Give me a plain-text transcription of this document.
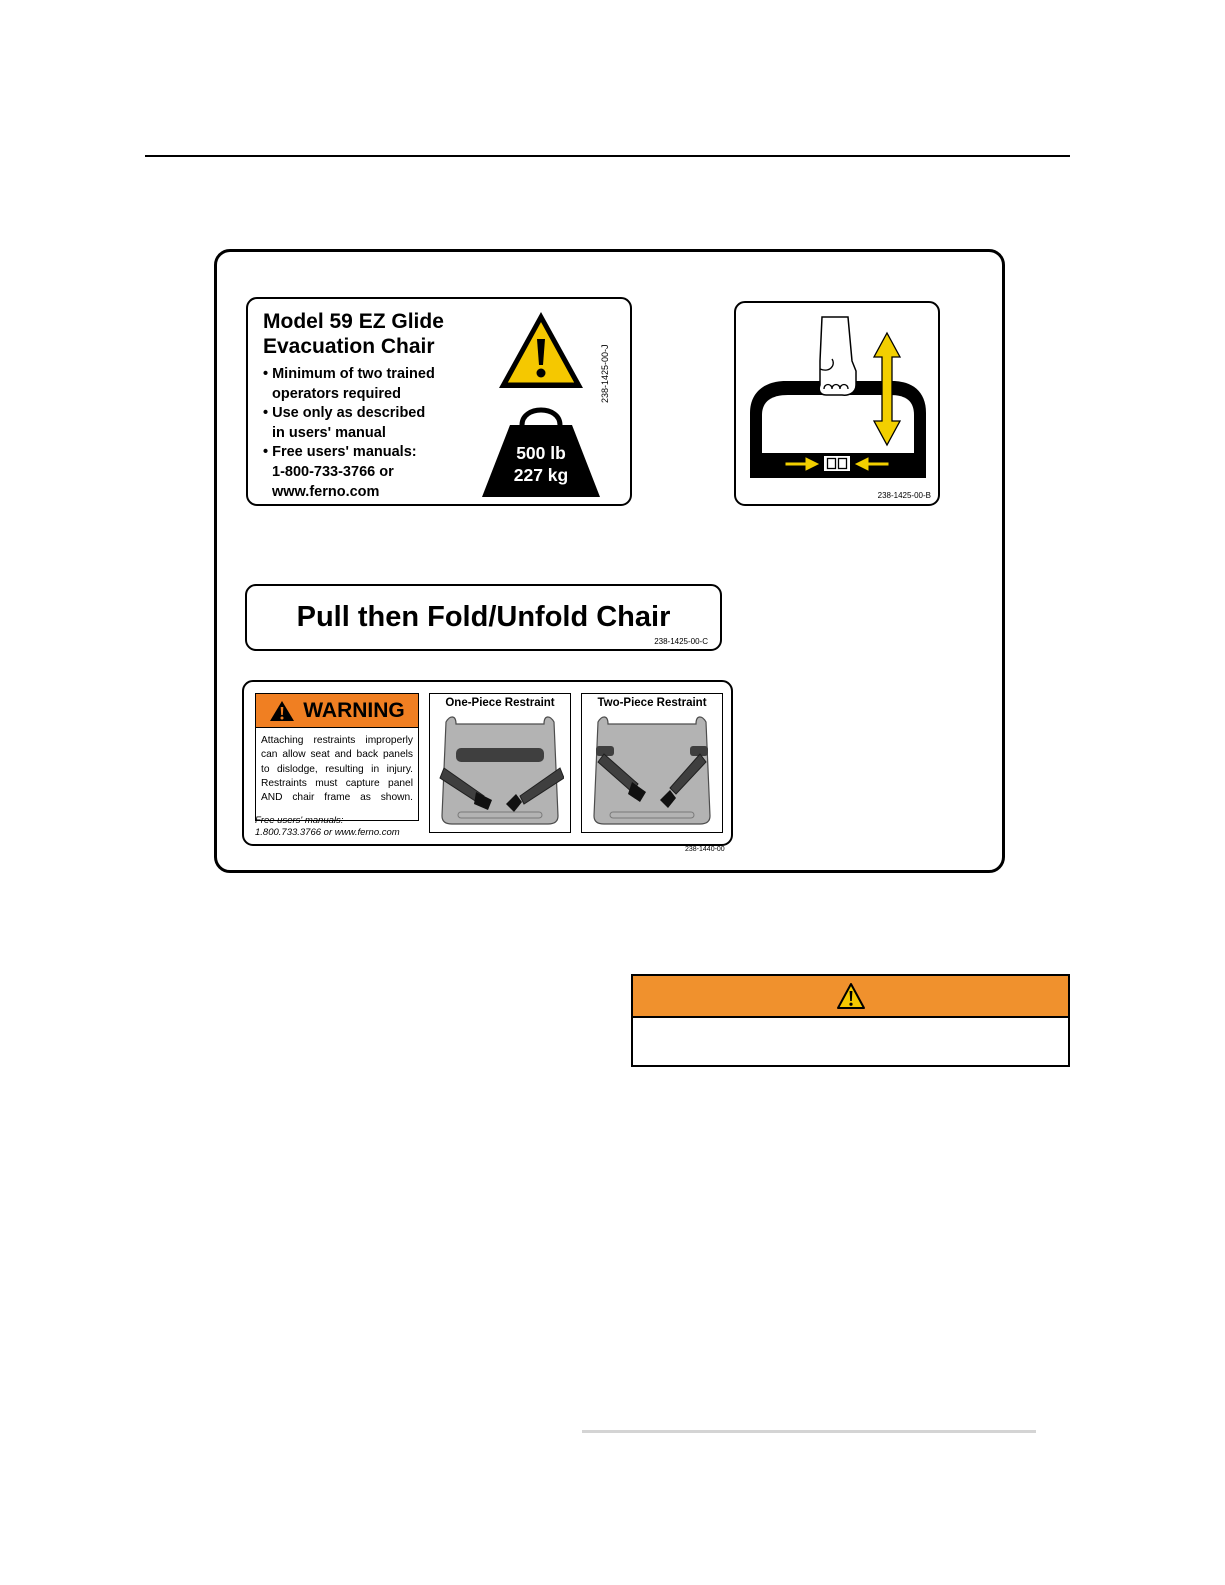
Model 59 EZ Glide
Evacuation Chair
• Minimum of two trained
operators required
• Use only as described
in users' manual
• Free users' manuals:
1-800-733-3766 or
www.ferno.com
500 lb
227 kg
238-1425-00-J
238-1425-00-B
Pull then Fold/Unfold Chair
238-1425-00-C
WARNING
Attaching restraints improperly can allow seat and back panels to dislodge, resulting in injury. Restraints must capture panel AND chair frame as shown.
Free users' manuals:
1.800.733.3766 or www.ferno.com
One-Piece Restraint	Two-Piece Restraint
238-1440-00
